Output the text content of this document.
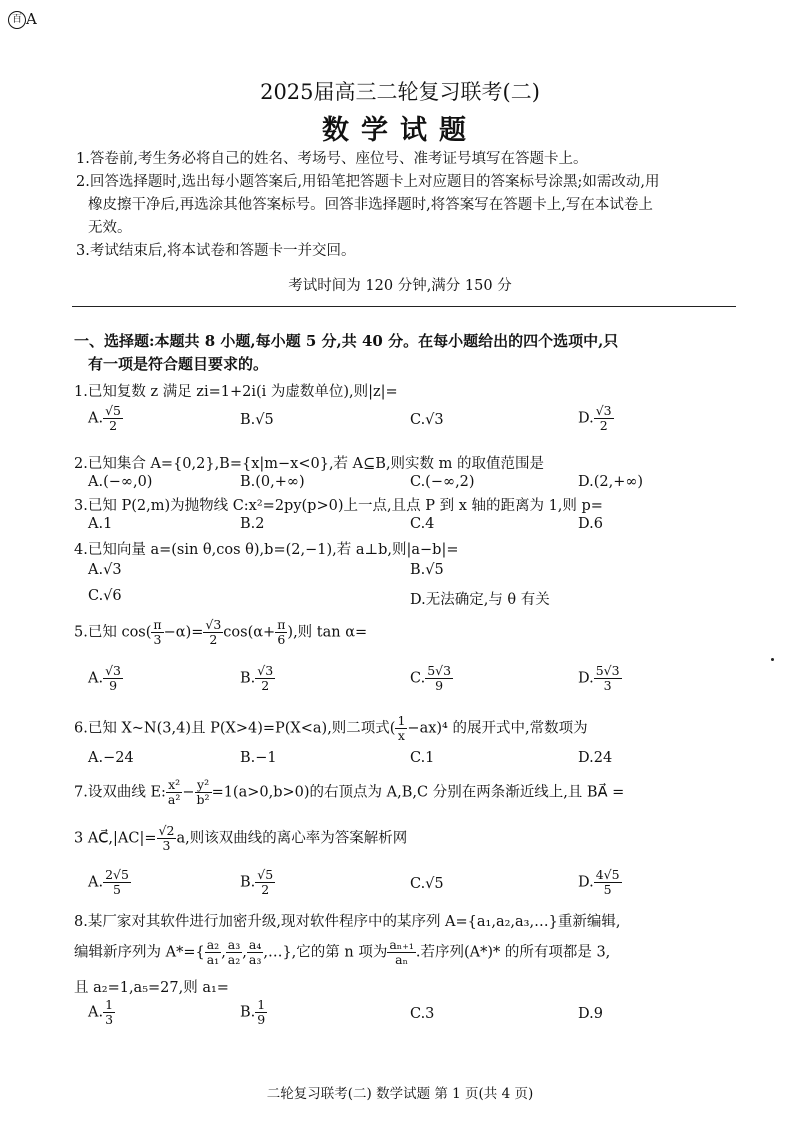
百 A
2025届高三二轮复习联考(二)
数学试题

1.答卷前,考生务必将自己的姓名、考场号、座位号、准考证号填写在答题卡上。

2.回答选择题时,选出每小题答案后,用铅笔把答题卡上对应题目的答案标号涂黑;如需改动,用

橡皮擦干净后,再选涂其他答案标号。回答非选择题时,将答案写在答题卡上,写在本试卷上

无效。

3.考试结束后,将本试卷和答题卡一并交回。

考试时间为 120 分钟,满分 150 分
一、选择题:本题共 8 小题,每小题 5 分,共 40 分。在每小题给出的四个选项中,只
有一项是符合题目要求的。
1.已知复数 z 满足 zi=1+2i(i 为虚数单位),则|z|=
A. $\frac{√5}{2}$	B.√5	C.√3	D. $\frac{√3}{2}$
2.已知集合 A={0,2},B={x|m−x<0},若 A⊆B,则实数 m 的取值范围是
A.(−∞,0)	B.(0,+∞)	C.(−∞,2)	D.(2,+∞)
3.已知 P(2,m)为抛物线 C:x²=2py(p>0)上一点,且点 P 到 x 轴的距离为 1,则 p=
A.1	B.2	C.4	D.6
4.已知向量 a=(sin θ,cos θ),b=(2,−1),若 a⊥b,则|a−b|=
A.√3	B.√5
C.√6	D.无法确定,与 θ 有关
5.已知 $\cos( \frac{\pi}{3} -\alpha)= \frac{√3}{2} \cos(\alpha+ \frac{\pi}{6}$ ),则 tan α=
A. $\frac{√3}{9}$	B. $\frac{√3}{2}$	C. $\frac{5√3}{9}$	D. $\frac{5√3}{3}$
6.已知 X~N(3,4)且 P(X>4)=P(X<a),则二项式( $\frac{1}{x} -ax)^4$ 的展开式中,常数项为
A.−24	B.−1	C.1	D.24
7.设双曲线 E: $\frac{\text{x²}}{\text{a²}} - \frac{\text{y²}}{\text{b²}} =1(a>0,b>0)$的右顶点为 A,B,C 分别在两条渐近线上,且 BA⃗ =
3 AC⃗,|AC|= $\frac{√2}{3} a$,则该双曲线的离心率为答案解析网
A. $\frac{2√5}{5}$	B. $\frac{√5}{2}$	C.√5	D. $\frac{4√5}{5}$
8.某厂家对其软件进行加密升级,现对软件程序中的某序列 A={a₁,a₂,a₃,…}重新编辑,
编辑新序列为 $A*=\{ \frac{\text{a₂}}{\text{a₁}}$ , $\frac{\text{a₃}}{\text{a₂}}$ , $\frac{\text{a₄}}{\text{a₃}}$ ,…},它的第 n 项为 $\frac{\text{aₙ₊₁}}{\text{aₙ}}$ .若序列(A*)* 的所有项都是 3,
且 a₂=1,a₅=27,则 a₁=
A. $\frac{1}{3}$	B. $\frac{1}{9}$	C.3	D.9
二轮复习联考(二) 数学试题 第 1 页(共 4 页)
